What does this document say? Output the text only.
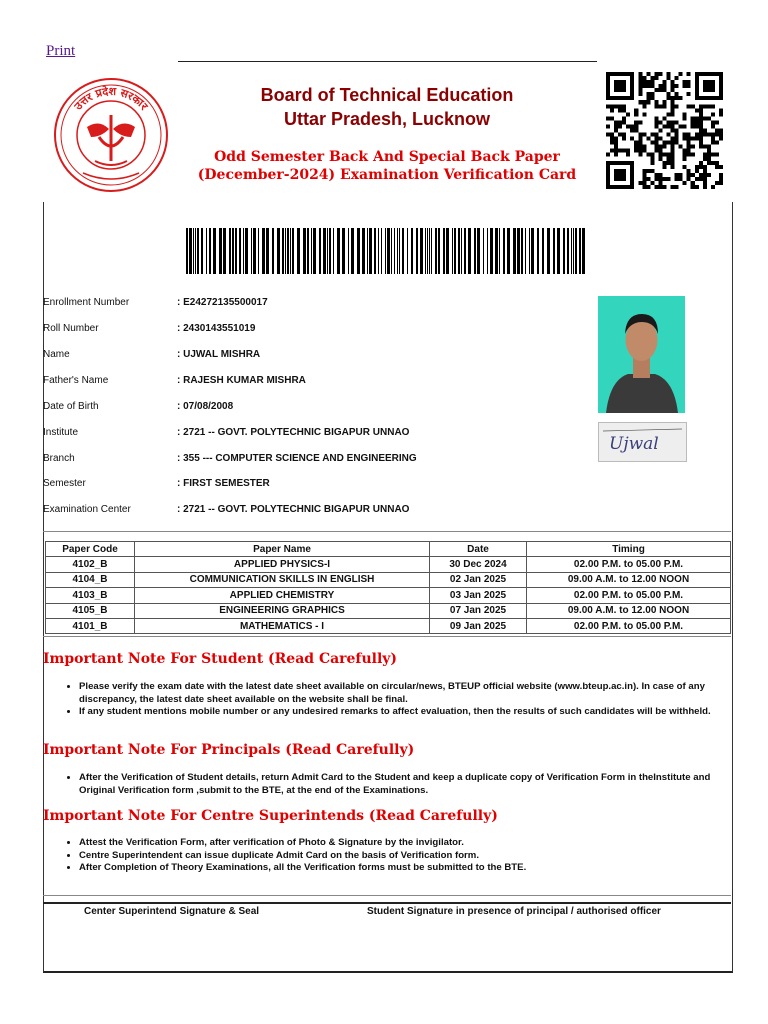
Print
उत्तर प्रदेश सरकार
Board of Technical Education
Uttar Pradesh, Lucknow
Odd Semester Back And Special Back Paper
(December-2024) Examination Verification Card
Enrollment Number	: E24272135500017
Roll Number	: 2430143551019
Name	: UJWAL MISHRA
Father's Name	: RAJESH KUMAR MISHRA
Date of Birth	: 07/08/2008
Institute	: 2721 -- GOVT. POLYTECHNIC BIGAPUR UNNAO
Branch	: 355 --- COMPUTER SCIENCE AND ENGINEERING
Semester	: FIRST SEMESTER
Examination Center	: 2721 -- GOVT. POLYTECHNIC BIGAPUR UNNAO
Ujwal
Paper Code	Paper Name	Date	Timing
4102_B	APPLIED PHYSICS-I	30 Dec 2024	02.00 P.M. to 05.00 P.M.
4104_B	COMMUNICATION SKILLS IN ENGLISH	02 Jan 2025	09.00 A.M. to 12.00 NOON
4103_B	APPLIED CHEMISTRY	03 Jan 2025	02.00 P.M. to 05.00 P.M.
4105_B	ENGINEERING GRAPHICS	07 Jan 2025	09.00 A.M. to 12.00 NOON
4101_B	MATHEMATICS - I	09 Jan 2025	02.00 P.M. to 05.00 P.M.
Important Note For Student (Read Carefully)
• Please verify the exam date with the latest date sheet available on circular/news, BTEUP official website (www.bteup.ac.in). In case of any discrepancy, the latest date sheet available on the website shall be final.
• If any student mentions mobile number or any undesired remarks to affect evaluation, then the results of such candidates will be withheld.
Important Note For Principals (Read Carefully)
• After the Verification of Student details, return Admit Card to the Student and keep a duplicate copy of Verification Form in theInstitute and Original Verification form ,submit to the BTE, at the end of the Examinations.
Important Note For Centre Superintends (Read Carefully)
• Attest the Verification Form, after verification of Photo & Signature by the invigilator.
• Centre Superintendent can issue duplicate Admit Card on the basis of Verification form.
• After Completion of Theory Examinations, all the Verification forms must be submitted to the BTE.
Center Superintend Signature & Seal	Student Signature in presence of principal / authorised officer
